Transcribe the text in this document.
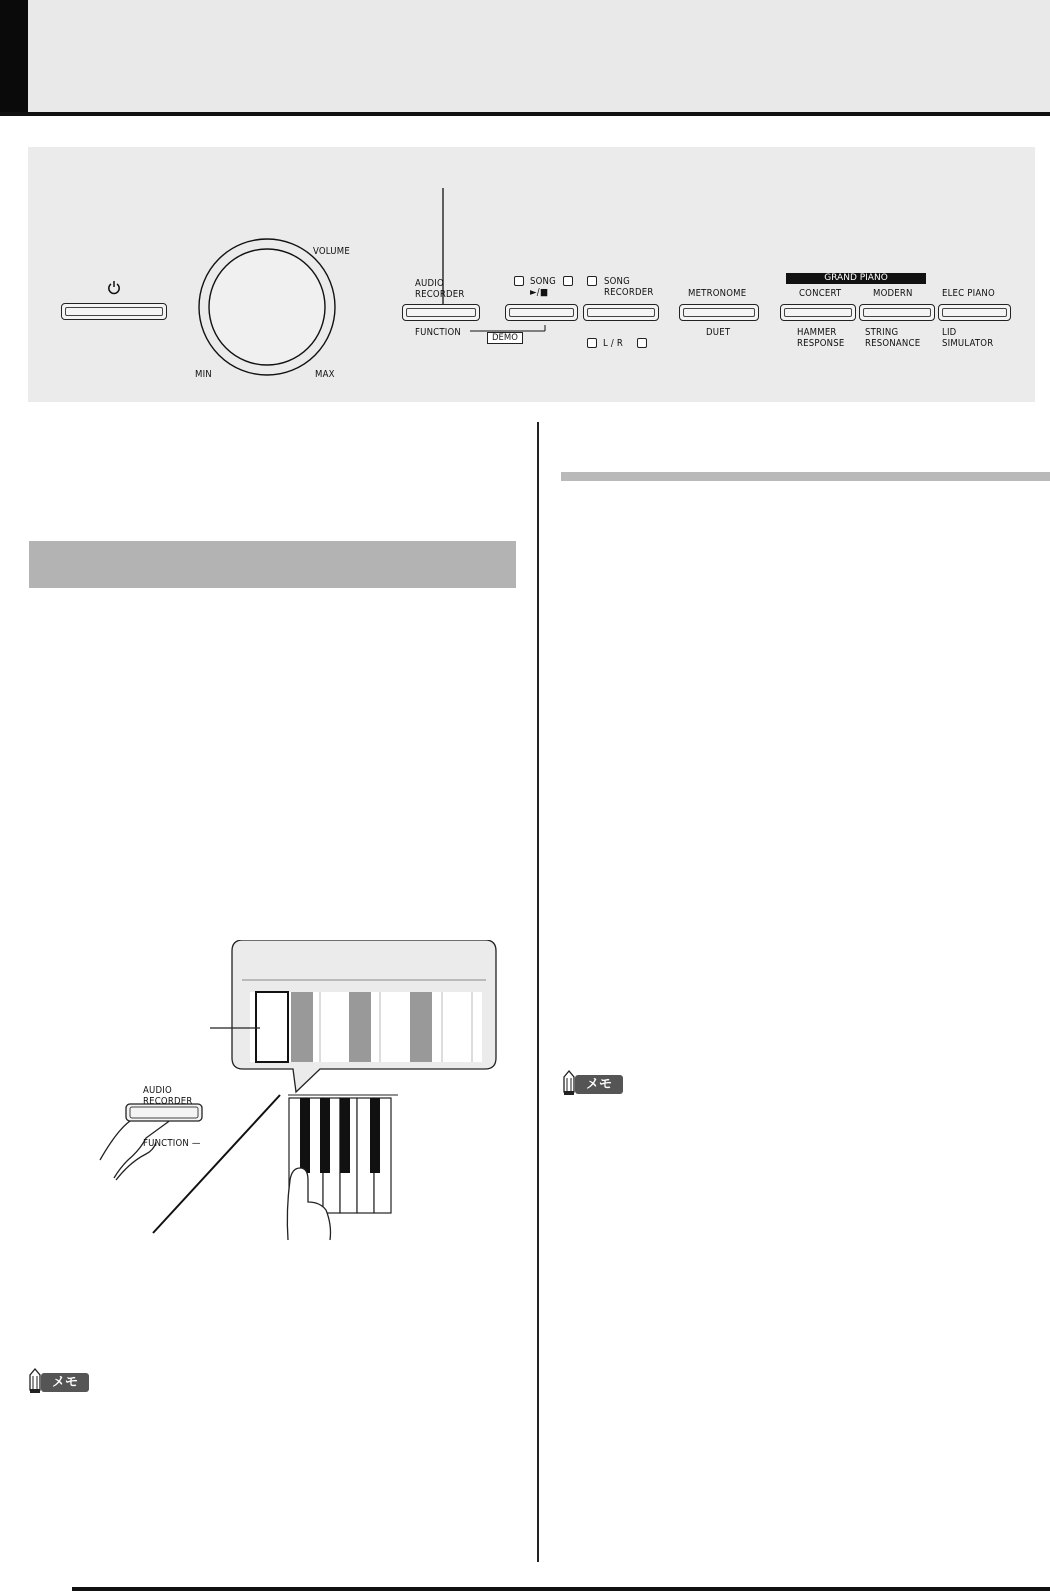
VOLUME
MIN	MAX
AUDIO
RECORDER
FUNCTION	DEMO
SONG
►/■
SONG
RECORDER
L / R
METRONOME
DUET
GRAND PIANO
CONCERT	MODERN	ELEC PIANO
HAMMER
RESPONSE
STRING
RESONANCE
LID
SIMULATOR
AUDIO
RECORDER
FUNCTION —
メモ
メモ
